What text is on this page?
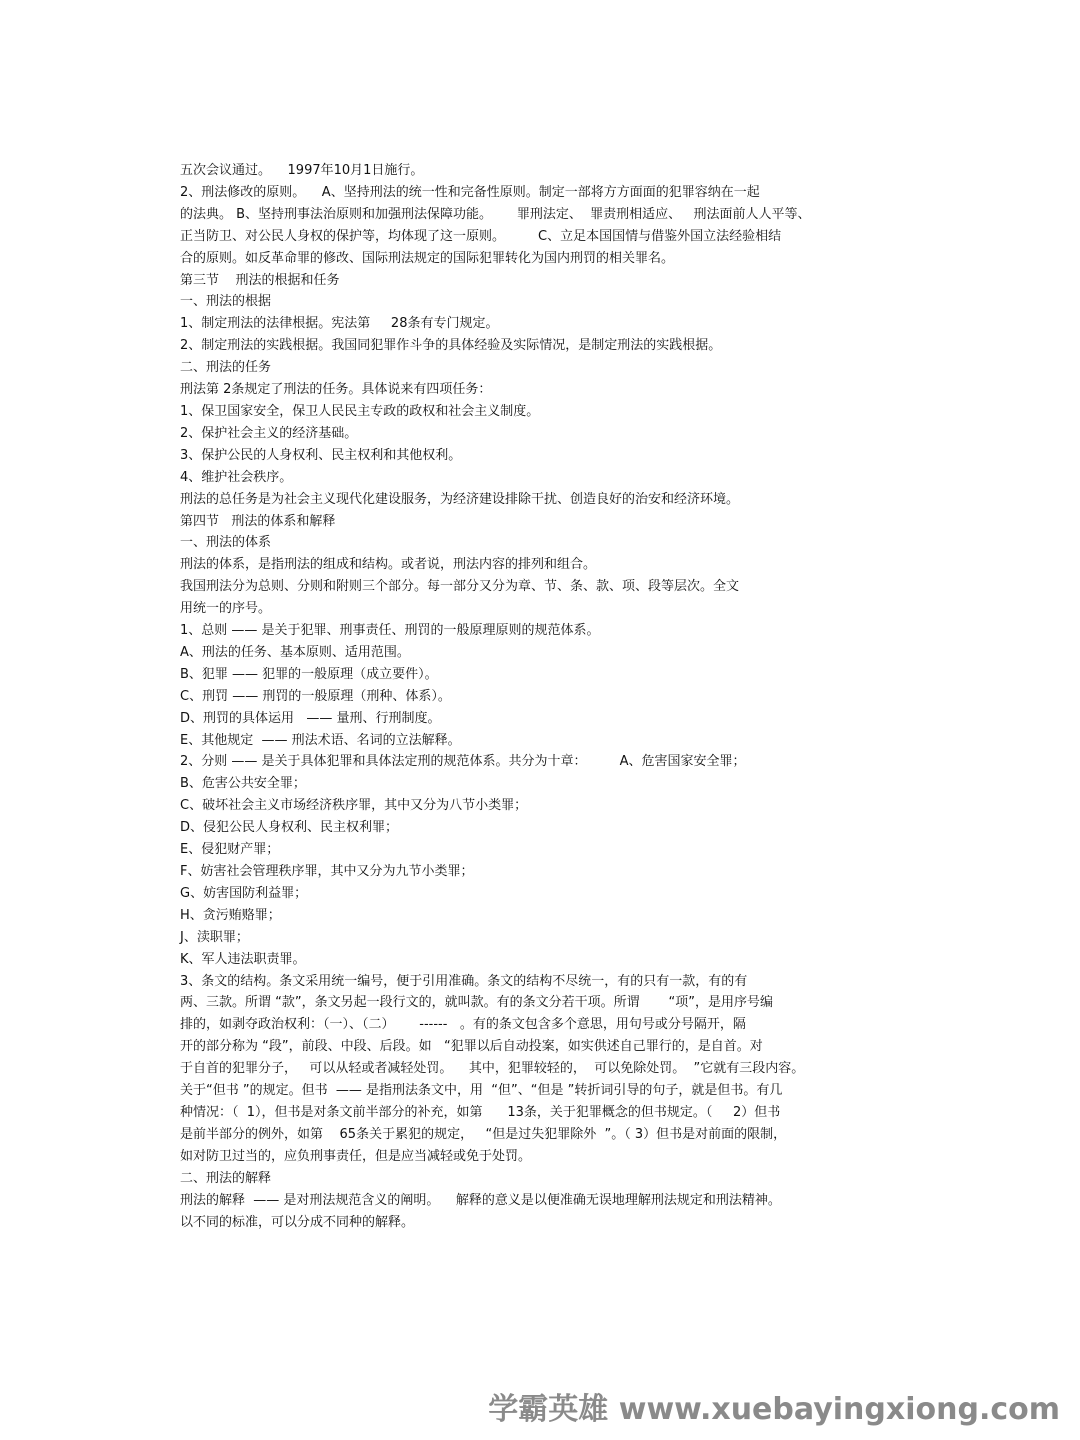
五次会议通过。    1997年10月1日施行。
2、刑法修改的原则。    A、坚持刑法的统一性和完备性原则。制定一部将方方面面的犯罪容纳在一起
的法典。 B、坚持刑事法治原则和加强刑法保障功能。      罪刑法定、  罪责刑相适应、   刑法面前人人平等、
正当防卫、对公民人身权的保护等，均体现了这一原则。        C、立足本国国情与借鉴外国立法经验相结
合的原则。如反革命罪的修改、国际刑法规定的国际犯罪转化为国内刑罚的相关罪名。
第三节    刑法的根据和任务
一、刑法的根据
1、制定刑法的法律根据。宪法第     28条有专门规定。
2、制定刑法的实践根据。我国同犯罪作斗争的具体经验及实际情况，是制定刑法的实践根据。
二、刑法的任务
刑法第 2条规定了刑法的任务。具体说来有四项任务：
1、保卫国家安全，保卫人民民主专政的政权和社会主义制度。
2、保护社会主义的经济基础。
3、保护公民的人身权利、民主权利和其他权利。
4、维护社会秩序。
刑法的总任务是为社会主义现代化建设服务，为经济建设排除干扰、创造良好的治安和经济环境。
第四节   刑法的体系和解释
一、刑法的体系
刑法的体系，是指刑法的组成和结构。或者说，刑法内容的排列和组合。
我国刑法分为总则、分则和附则三个部分。每一部分又分为章、节、条、款、项、段等层次。全文
用统一的序号。
1、总则 —— 是关于犯罪、刑事责任、刑罚的一般原理原则的规范体系。
A、刑法的任务、基本原则、适用范围。
B、犯罪 —— 犯罪的一般原理（成立要件）。
C、刑罚 —— 刑罚的一般原理（刑种、体系）。
D、刑罚的具体运用   —— 量刑、行刑制度。
E、其他规定  —— 刑法术语、名词的立法解释。
2、分则 —— 是关于具体犯罪和具体法定刑的规范体系。共分为十章：        A、危害国家安全罪；
B、危害公共安全罪；
C、破坏社会主义市场经济秩序罪，其中又分为八节小类罪；
D、侵犯公民人身权利、民主权利罪；
E、侵犯财产罪；
F、妨害社会管理秩序罪，其中又分为九节小类罪；
G、妨害国防利益罪；
H、贪污贿赂罪；
J、渎职罪；
K、军人违法职责罪。
3、条文的结构。条文采用统一编号，便于引用准确。条文的结构不尽统一，有的只有一款，有的有
两、三款。所谓 “款”，条文另起一段行文的，就叫款。有的条文分若干项。所谓       “项”，是用序号编
排的，如剥夺政治权利：（一）、（二）      ------   。有的条文包含多个意思，用句号或分号隔开，隔
开的部分称为 “段”，前段、中段、后段。如   “犯罪以后自动投案，如实供述自己罪行的，是自首。对
于自首的犯罪分子，   可以从轻或者减轻处罚。    其中，犯罪较轻的，  可以免除处罚。  ”它就有三段内容。
关于“但书 ”的规定。但书  —— 是指刑法条文中，用  “但”、“但是 ”转折词引导的句子，就是但书。有几
种情况：（  1），但书是对条文前半部分的补充，如第      13条，关于犯罪概念的但书规定。（     2）但书
是前半部分的例外，如第    65条关于累犯的规定，   “但是过失犯罪除外  ”。（ 3）但书是对前面的限制，
如对防卫过当的，应负刑事责任，但是应当减轻或免于处罚。
二、刑法的解释
刑法的解释  —— 是对刑法规范含义的阐明。    解释的意义是以便准确无误地理解刑法规定和刑法精神。
以不同的标准，可以分成不同种的解释。
学霸英雄 www.xuebayingxiong.com
